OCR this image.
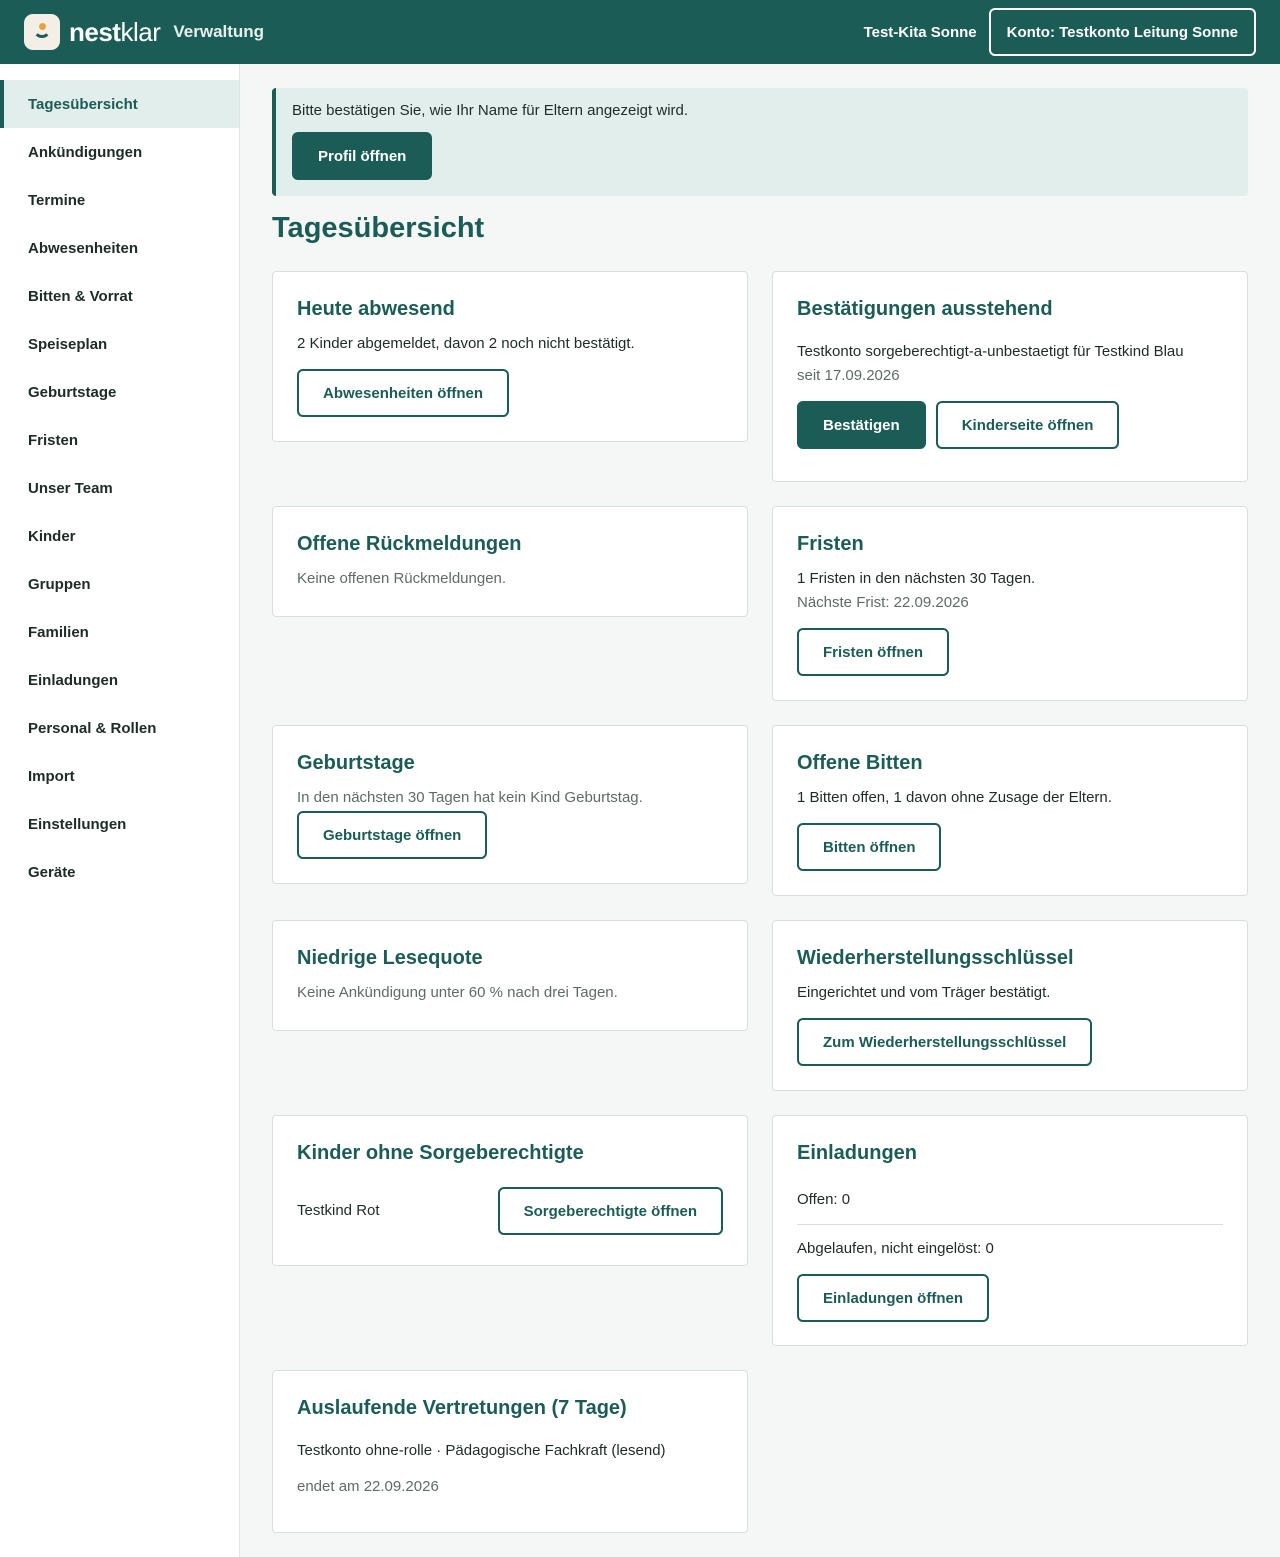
nestklar Verwaltung	Test-Kita Sonne	Konto: Testkonto Leitung Sonne
Tagesübersicht
Ankündigungen
Termine
Abwesenheiten
Bitten & Vorrat
Speiseplan
Geburtstage
Fristen
Unser Team
Kinder
Gruppen
Familien
Einladungen
Personal & Rollen
Import
Einstellungen
Geräte

Bitte bestätigen Sie, wie Ihr Name für Eltern angezeigt wird.

Profil öffnen
Tagesübersicht
Heute abwesend

2 Kinder abgemeldet, davon 2 noch nicht bestätigt.

Abwesenheiten öffnen
Bestätigungen ausstehend

Testkonto sorgeberechtigt-a-unbestaetigt für Testkind Blau

seit 17.09.2026

Bestätigen	Kinderseite öffnen
Offene Rückmeldungen

Keine offenen Rückmeldungen.

Fristen

1 Fristen in den nächsten 30 Tagen.

Nächste Frist: 22.09.2026

Fristen öffnen
Geburtstage

In den nächsten 30 Tagen hat kein Kind Geburtstag.

Geburtstage öffnen
Offene Bitten

1 Bitten offen, 1 davon ohne Zusage der Eltern.

Bitten öffnen
Niedrige Lesequote

Keine Ankündigung unter 60 % nach drei Tagen.

Wiederherstellungsschlüssel

Eingerichtet und vom Träger bestätigt.

Zum Wiederherstellungsschlüssel
Kinder ohne Sorgeberechtigte

Testkind Rot	Sorgeberechtigte öffnen
Einladungen

Offen: 0

Abgelaufen, nicht eingelöst: 0

Einladungen öffnen
Auslaufende Vertretungen (7 Tage)

Testkonto ohne-rolle · Pädagogische Fachkraft (lesend)

endet am 22.09.2026
